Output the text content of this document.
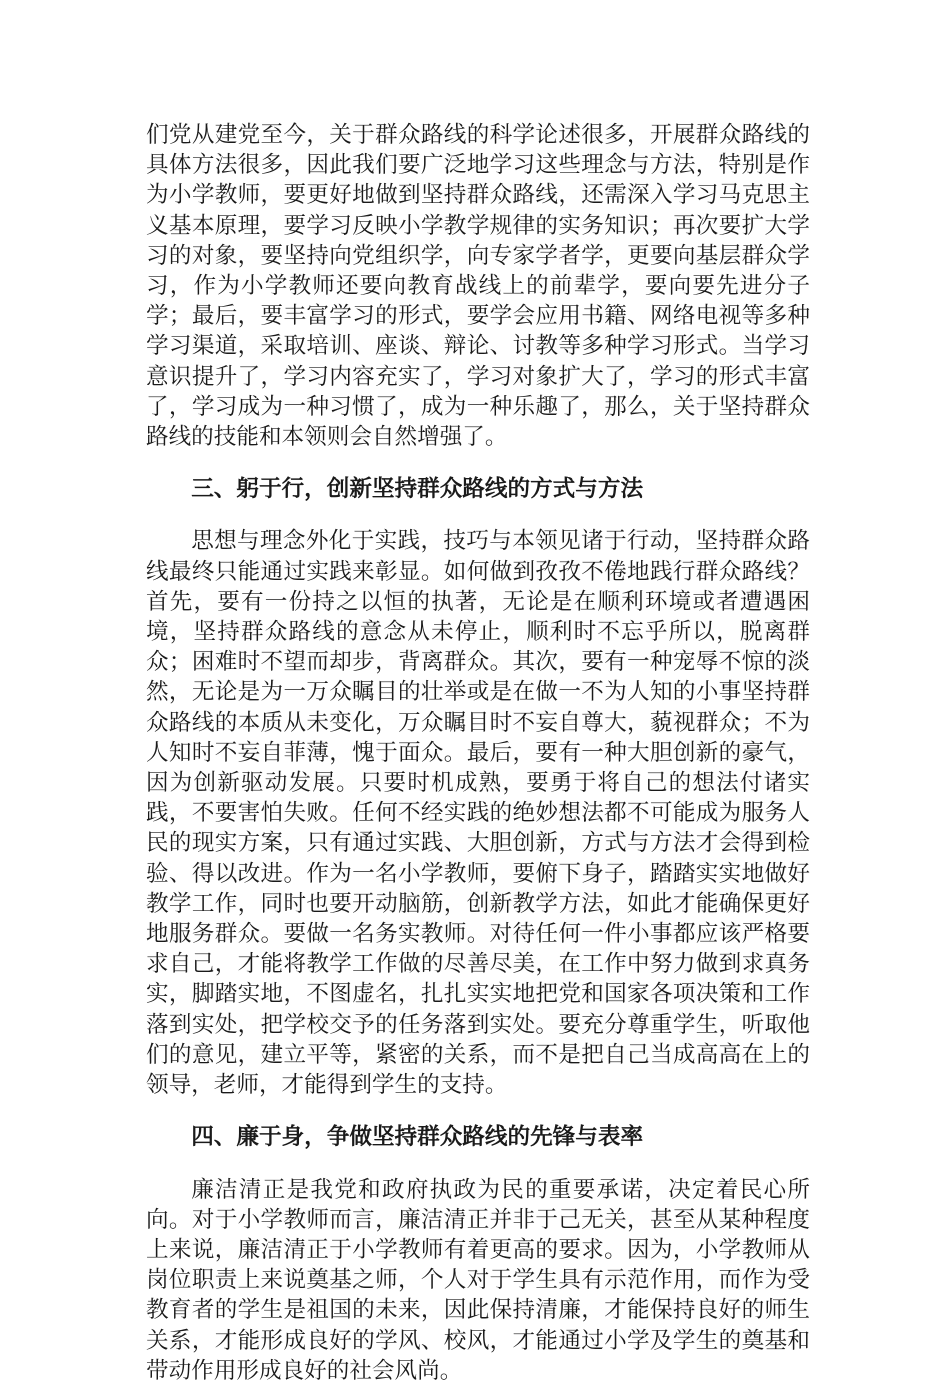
们党从建党至今，关于群众路线的科学论述很多，开展群众路线的具体方法很多，因此我们要广泛地学习这些理念与方法，特别是作为小学教师，要更好地做到坚持群众路线，还需深入学习马克思主义基本原理，要学习反映小学教学规律的实务知识；再次要扩大学习的对象，要坚持向党组织学，向专家学者学，更要向基层群众学习，作为小学教师还要向教育战线上的前辈学，要向要先进分子学；最后，要丰富学习的形式，要学会应用书籍、网络电视等多种学习渠道，采取培训、座谈、辩论、讨教等多种学习形式。当学习意识提升了，学习内容充实了，学习对象扩大了，学习的形式丰富了，学习成为一种习惯了，成为一种乐趣了，那么，关于坚持群众路线的技能和本领则会自然增强了。

三、躬于行，创新坚持群众路线的方式与方法

思想与理念外化于实践，技巧与本领见诸于行动，坚持群众路线最终只能通过实践来彰显。如何做到孜孜不倦地践行群众路线？首先，要有一份持之以恒的执著，无论是在顺利环境或者遭遇困境，坚持群众路线的意念从未停止，顺利时不忘乎所以，脱离群众；困难时不望而却步，背离群众。其次，要有一种宠辱不惊的淡然，无论是为一万众瞩目的壮举或是在做一不为人知的小事坚持群众路线的本质从未变化，万众瞩目时不妄自尊大，藐视群众；不为人知时不妄自菲薄，愧于面众。最后，要有一种大胆创新的豪气，因为创新驱动发展。只要时机成熟，要勇于将自己的想法付诸实践，不要害怕失败。任何不经实践的绝妙想法都不可能成为服务人民的现实方案，只有通过实践、大胆创新，方式与方法才会得到检验、得以改进。作为一名小学教师，要俯下身子，踏踏实实地做好教学工作，同时也要开动脑筋，创新教学方法，如此才能确保更好地服务群众。要做一名务实教师。对待任何一件小事都应该严格要求自己，才能将教学工作做的尽善尽美，在工作中努力做到求真务实，脚踏实地，不图虚名，扎扎实实地把党和国家各项决策和工作落到实处，把学校交予的任务落到实处。要充分尊重学生，听取他们的意见，建立平等，紧密的关系，而不是把自己当成高高在上的领导，老师，才能得到学生的支持。

四、廉于身，争做坚持群众路线的先锋与表率

廉洁清正是我党和政府执政为民的重要承诺，决定着民心所向。对于小学教师而言，廉洁清正并非于己无关，甚至从某种程度上来说，廉洁清正于小学教师有着更高的要求。因为，小学教师从岗位职责上来说奠基之师，个人对于学生具有示范作用，而作为受教育者的学生是祖国的未来，因此保持清廉，才能保持良好的师生关系，才能形成良好的学风、校风，才能通过小学及学生的奠基和带动作用形成良好的社会风尚。
